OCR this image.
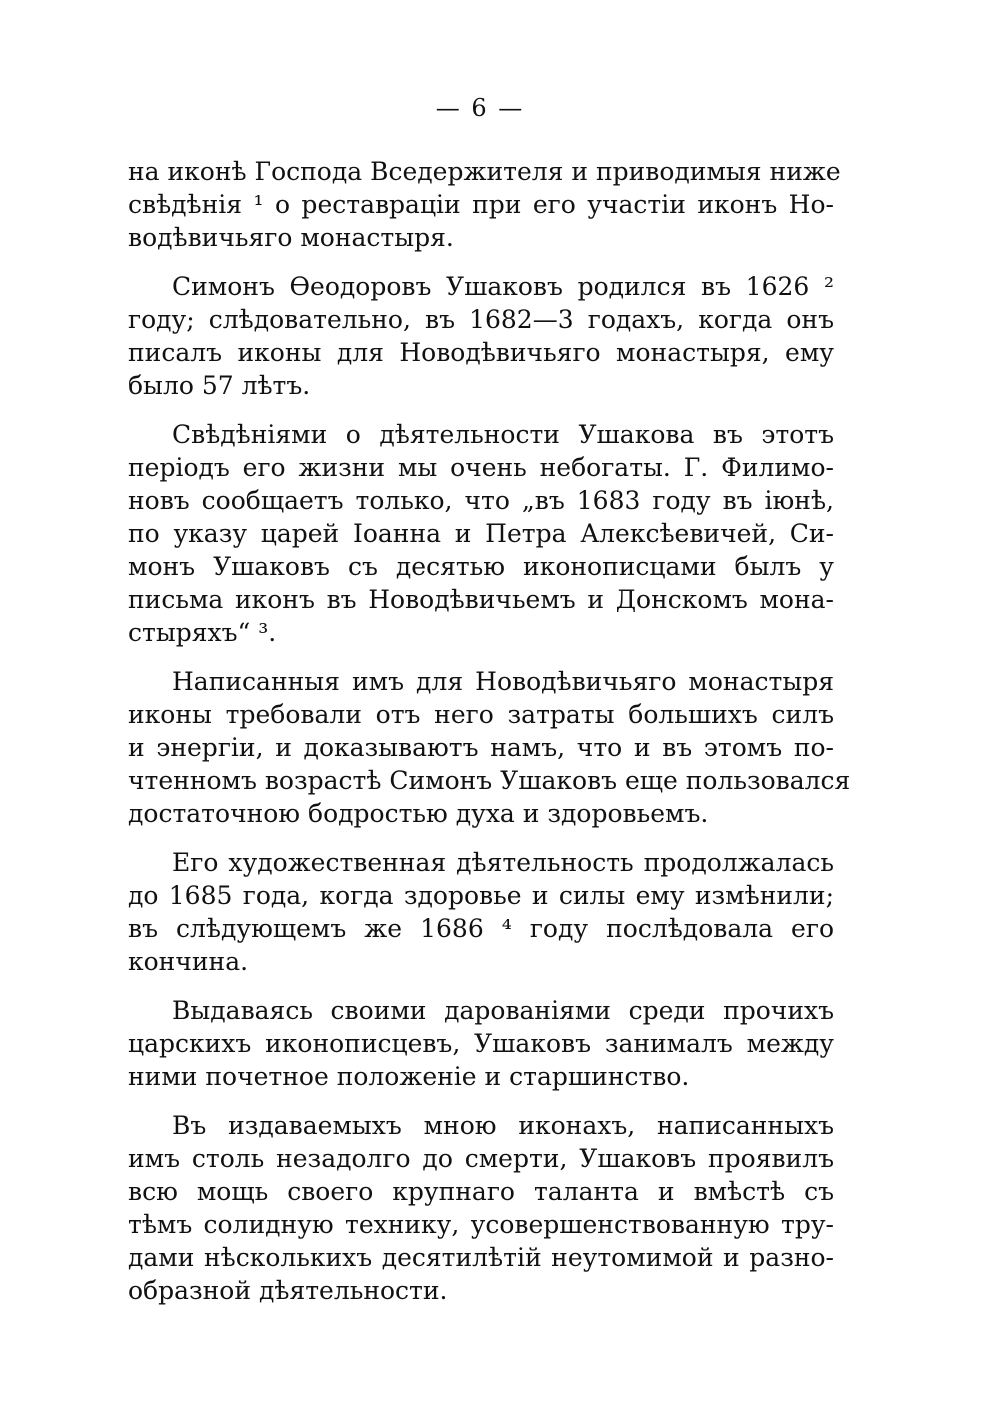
— 6 —
на иконѣ Господа Вседержителя и приводимыя ниже
свѣдѣнія ¹ о реставраціи при его участіи иконъ Но-
водѣвичьяго монастыря.
Симонъ Ѳеодоровъ Ушаковъ родился въ 1626 ²
году; слѣдовательно, въ 1682—3 годахъ, когда онъ
писалъ иконы для Новодѣвичьяго монастыря, ему
было 57 лѣтъ.
Свѣдѣніями о дѣятельности Ушакова въ этотъ
періодъ его жизни мы очень небогаты. Г. Филимо-
новъ сообщаетъ только, что „въ 1683 году въ іюнѣ,
по указу царей Іоанна и Петра Алексѣевичей, Си-
монъ Ушаковъ съ десятью иконописцами былъ у
письма иконъ въ Новодѣвичьемъ и Донскомъ мона-
стыряхъ“ ³.
Написанныя имъ для Новодѣвичьяго монастыря
иконы требовали отъ него затраты большихъ силъ
и энергіи, и доказываютъ намъ, что и въ этомъ по-
чтенномъ возрастѣ Симонъ Ушаковъ еще пользовался
достаточною бодростью духа и здоровьемъ.
Его художественная дѣятельность продолжалась
до 1685 года, когда здоровье и силы ему измѣнили;
въ слѣдующемъ же 1686 ⁴ году послѣдовала его
кончина.
Выдаваясь своими дарованіями среди прочихъ
царскихъ иконописцевъ, Ушаковъ занималъ между
ними почетное положеніе и старшинство.
Въ издаваемыхъ мною иконахъ, написанныхъ
имъ столь незадолго до смерти, Ушаковъ проявилъ
всю мощь своего крупнаго таланта и вмѣстѣ съ
тѣмъ солидную технику, усовершенствованную тру-
дами нѣсколькихъ десятилѣтій неутомимой и разно-
образной дѣятельности.
